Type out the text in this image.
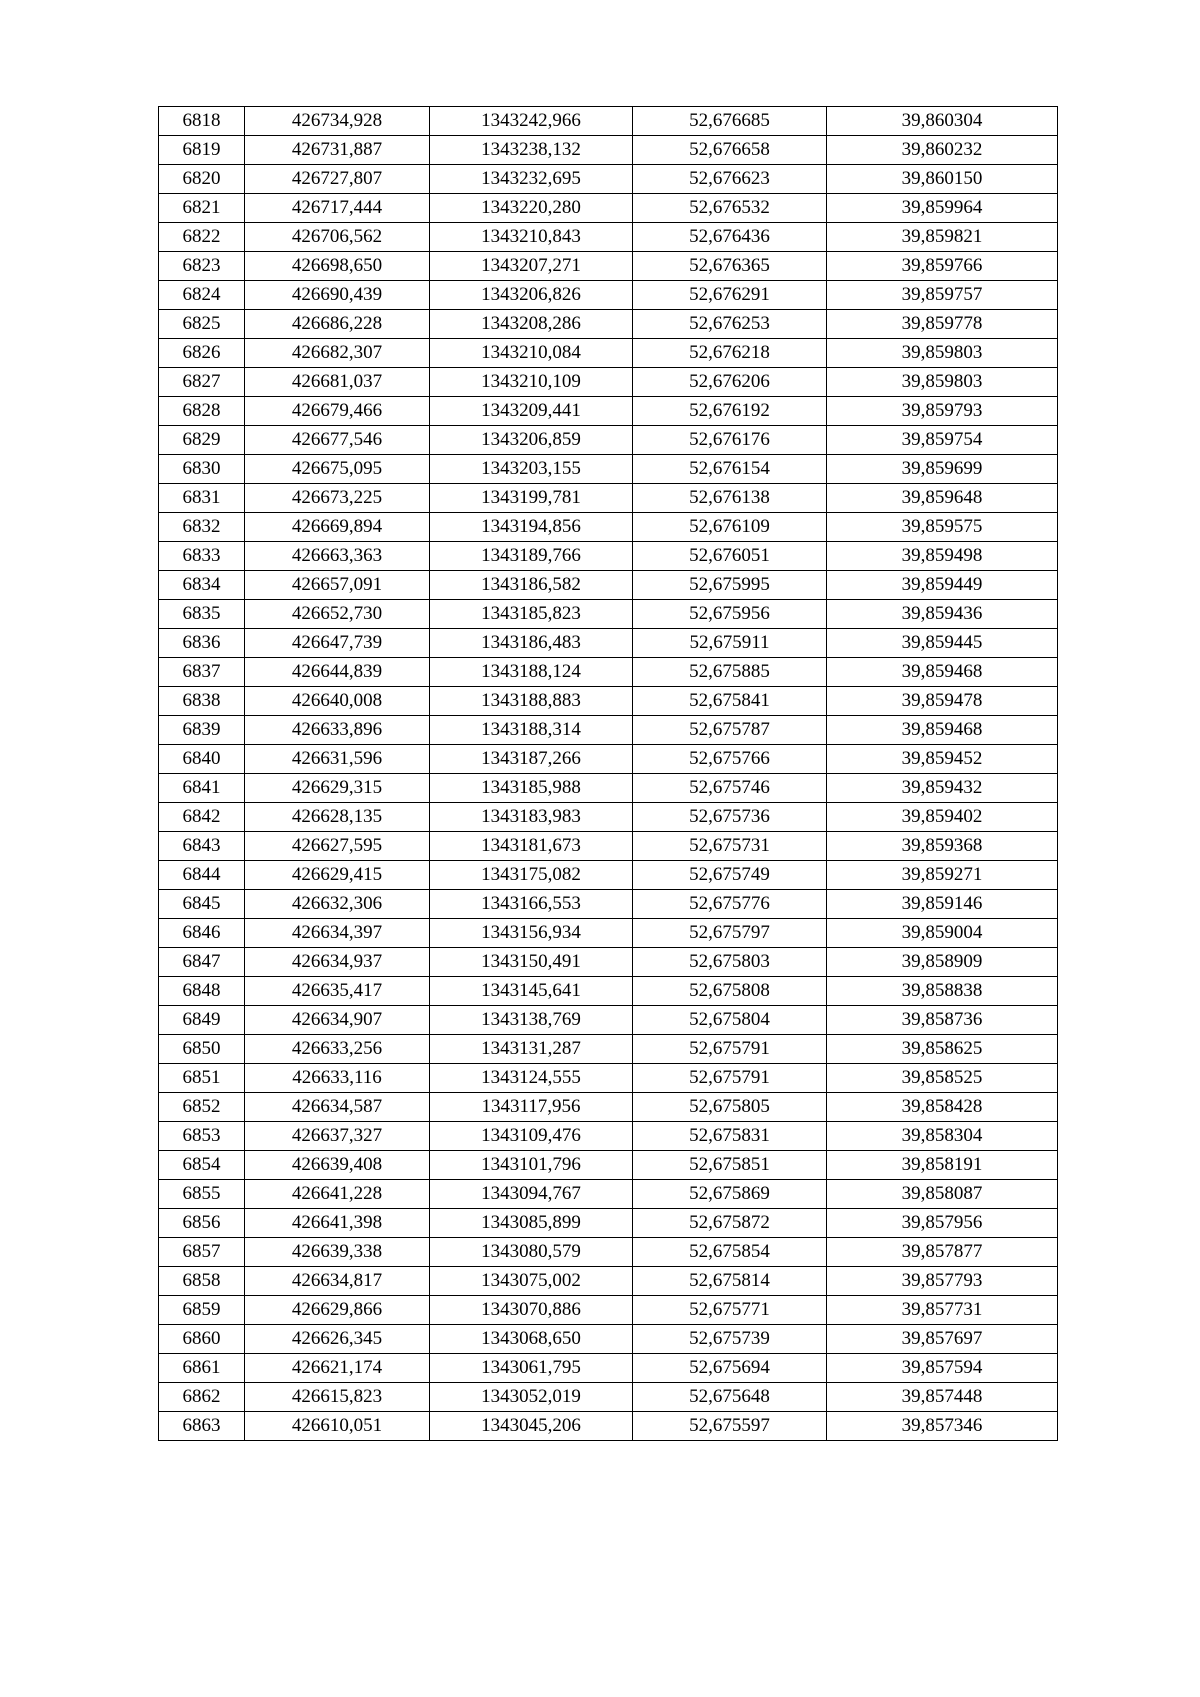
6818	426734,928	1343242,966	52,676685	39,860304
6819	426731,887	1343238,132	52,676658	39,860232
6820	426727,807	1343232,695	52,676623	39,860150
6821	426717,444	1343220,280	52,676532	39,859964
6822	426706,562	1343210,843	52,676436	39,859821
6823	426698,650	1343207,271	52,676365	39,859766
6824	426690,439	1343206,826	52,676291	39,859757
6825	426686,228	1343208,286	52,676253	39,859778
6826	426682,307	1343210,084	52,676218	39,859803
6827	426681,037	1343210,109	52,676206	39,859803
6828	426679,466	1343209,441	52,676192	39,859793
6829	426677,546	1343206,859	52,676176	39,859754
6830	426675,095	1343203,155	52,676154	39,859699
6831	426673,225	1343199,781	52,676138	39,859648
6832	426669,894	1343194,856	52,676109	39,859575
6833	426663,363	1343189,766	52,676051	39,859498
6834	426657,091	1343186,582	52,675995	39,859449
6835	426652,730	1343185,823	52,675956	39,859436
6836	426647,739	1343186,483	52,675911	39,859445
6837	426644,839	1343188,124	52,675885	39,859468
6838	426640,008	1343188,883	52,675841	39,859478
6839	426633,896	1343188,314	52,675787	39,859468
6840	426631,596	1343187,266	52,675766	39,859452
6841	426629,315	1343185,988	52,675746	39,859432
6842	426628,135	1343183,983	52,675736	39,859402
6843	426627,595	1343181,673	52,675731	39,859368
6844	426629,415	1343175,082	52,675749	39,859271
6845	426632,306	1343166,553	52,675776	39,859146
6846	426634,397	1343156,934	52,675797	39,859004
6847	426634,937	1343150,491	52,675803	39,858909
6848	426635,417	1343145,641	52,675808	39,858838
6849	426634,907	1343138,769	52,675804	39,858736
6850	426633,256	1343131,287	52,675791	39,858625
6851	426633,116	1343124,555	52,675791	39,858525
6852	426634,587	1343117,956	52,675805	39,858428
6853	426637,327	1343109,476	52,675831	39,858304
6854	426639,408	1343101,796	52,675851	39,858191
6855	426641,228	1343094,767	52,675869	39,858087
6856	426641,398	1343085,899	52,675872	39,857956
6857	426639,338	1343080,579	52,675854	39,857877
6858	426634,817	1343075,002	52,675814	39,857793
6859	426629,866	1343070,886	52,675771	39,857731
6860	426626,345	1343068,650	52,675739	39,857697
6861	426621,174	1343061,795	52,675694	39,857594
6862	426615,823	1343052,019	52,675648	39,857448
6863	426610,051	1343045,206	52,675597	39,857346
